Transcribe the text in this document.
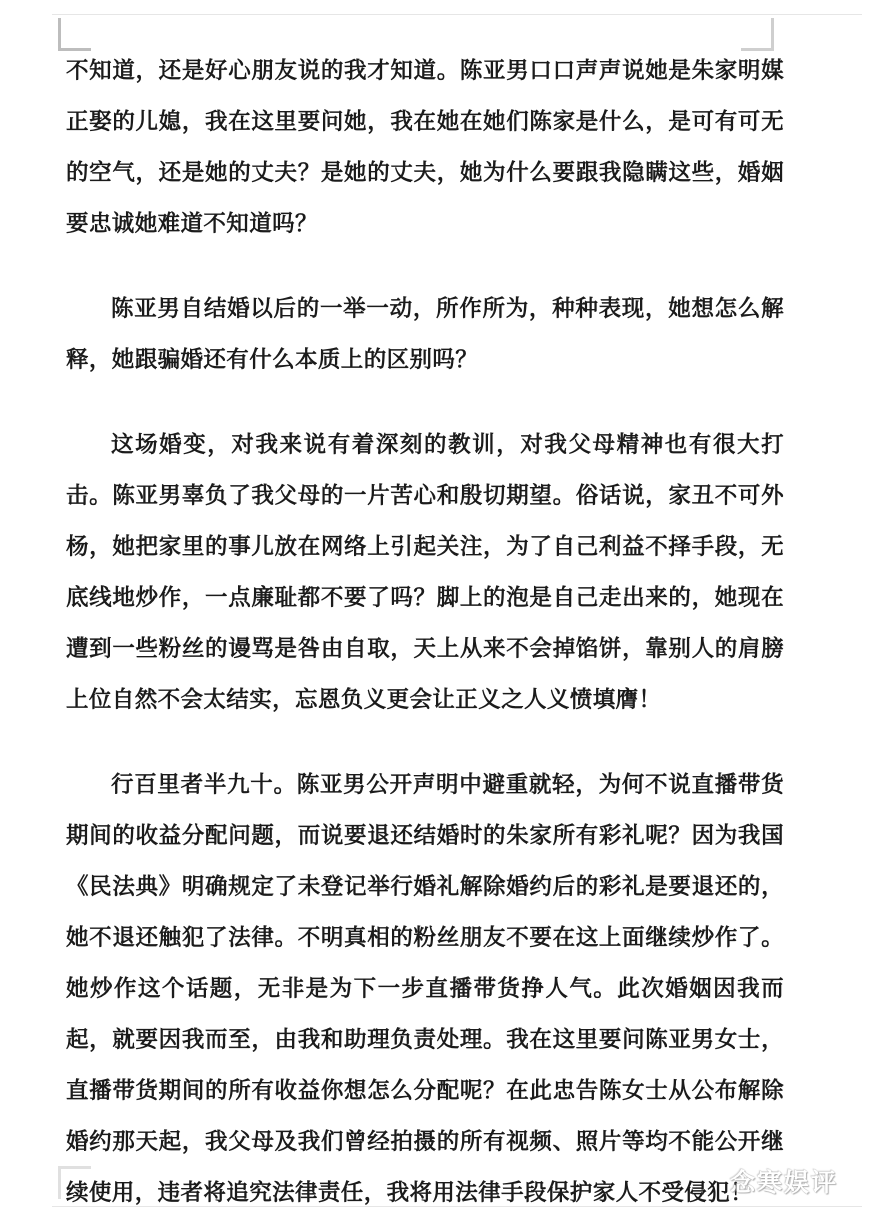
不知道，还是好心朋友说的我才知道。陈亚男口口声声说她是朱家明媒正娶的儿媳，我在这里要问她，我在她在她们陈家是什么，是可有可无的空气，还是她的丈夫？是她的丈夫，她为什么要跟我隐瞒这些，婚姻要忠诚她难道不知道吗？

陈亚男自结婚以后的一举一动，所作所为，种种表现，她想怎么解释，她跟骗婚还有什么本质上的区别吗？

这场婚变，对我来说有着深刻的教训，对我父母精神也有很大打击。陈亚男辜负了我父母的一片苦心和殷切期望。俗话说，家丑不可外杨，她把家里的事儿放在网络上引起关注，为了自己利益不择手段，无底线地炒作，一点廉耻都不要了吗？脚上的泡是自己走出来的，她现在遭到一些粉丝的谩骂是咎由自取，天上从来不会掉馅饼，靠别人的肩膀上位自然不会太结实，忘恩负义更会让正义之人义愤填膺！

行百里者半九十。陈亚男公开声明中避重就轻，为何不说直播带货期间的收益分配问题，而说要退还结婚时的朱家所有彩礼呢？因为我国《民法典》明确规定了未登记举行婚礼解除婚约后的彩礼是要退还的，她不退还触犯了法律。不明真相的粉丝朋友不要在这上面继续炒作了。她炒作这个话题，无非是为下一步直播带货挣人气。此次婚姻因我而起，就要因我而至，由我和助理负责处理。我在这里要问陈亚男女士，直播带货期间的所有收益你想怎么分配呢？在此忠告陈女士从公布解除婚约那天起，我父母及我们曾经拍摄的所有视频、照片等均不能公开继续使用，违者将追究法律责任，我将用法律手段保护家人不受侵犯！

念寒娱评
